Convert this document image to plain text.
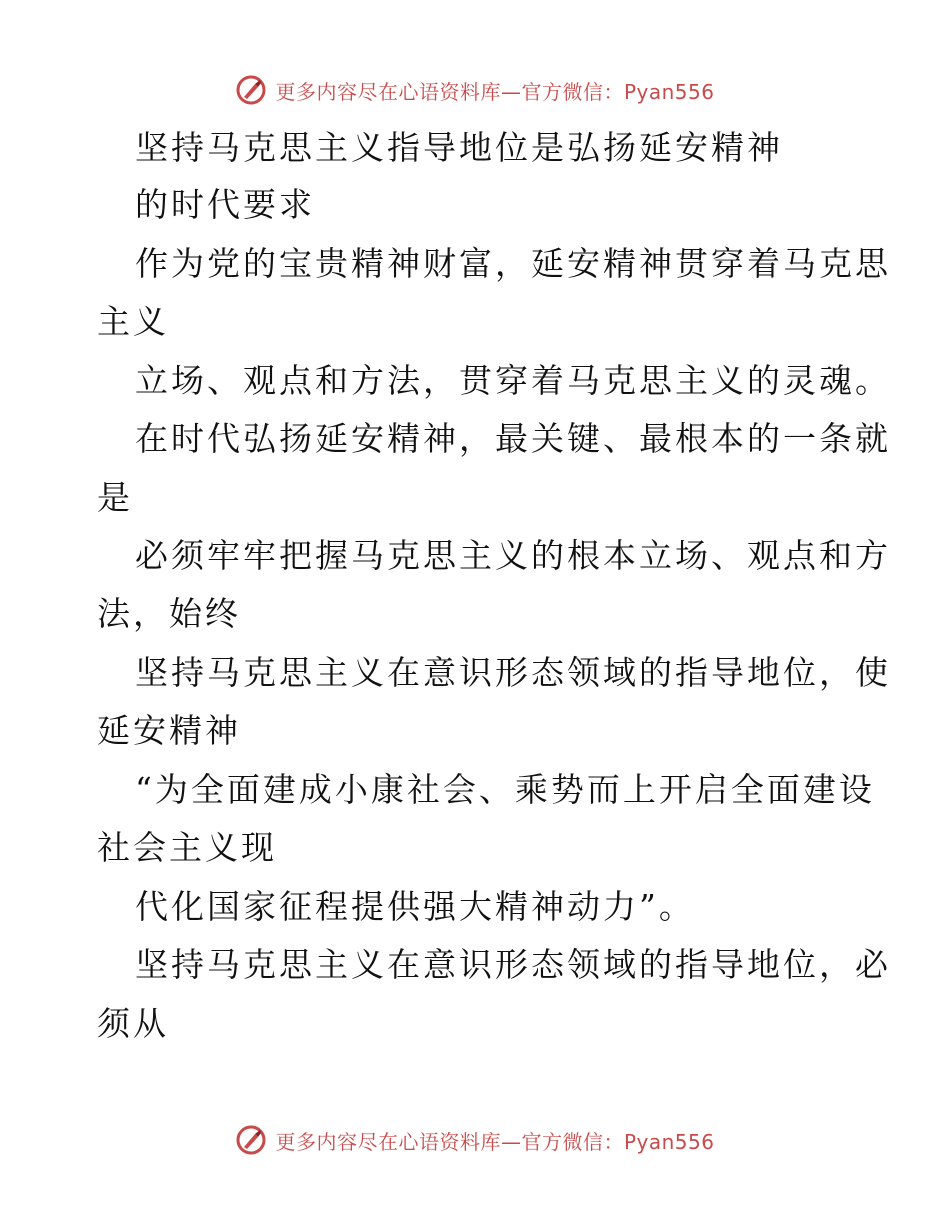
更多内容尽在心语资料库—官方微信：Pyan556
坚持马克思主义指导地位是弘扬延安精神
的时代要求
作为党的宝贵精神财富，延安精神贯穿着马克思
主义
立场、观点和方法，贯穿着马克思主义的灵魂。
在时代弘扬延安精神，最关键、最根本的一条就
是
必须牢牢把握马克思主义的根本立场、观点和方
法，始终
坚持马克思主义在意识形态领域的指导地位，使
延安精神
“为全面建成小康社会、乘势而上开启全面建设
社会主义现
代化国家征程提供强大精神动力”。
坚持马克思主义在意识形态领域的指导地位，必
须从
更多内容尽在心语资料库—官方微信：Pyan556
